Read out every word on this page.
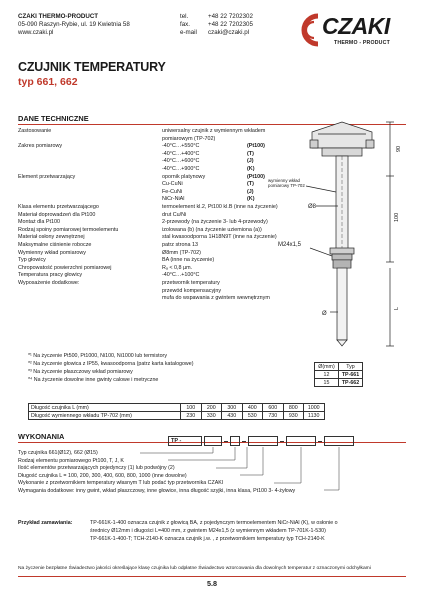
CZAKI THERMO-PRODUCT
05-090 Raszyn-Rybie, ul. 19 Kwietnia 58
www.czaki.pl
tel.	+48 22 7202302
fax.	+48 22 7202305
e-mail	czaki@czaki.pl	CZAKI
THERMO - PRODUCT
CZUJNIK TEMPERATURY
typ 661, 662
DANE TECHNICZNE
Zastosowanie	uniwersalny czujnik z wymiennym wkładem
pomiarowym (TP-702)
Zakres pomiarowy	-40°C…+550°C	(Pt100)
-40°C…+400°C	(T)
-40°C…+600°C	(J)
-40°C…+900°C	(K)
Element przetwarzający	opornik platynowy	(Pt100)
Cu-CuNi	(T)
Fe-CuNi	(J)
NiCr-NiAl	(K)
Klasa elementu przetwarzającego	termoelement kl.2, Pt100 kl.B (inne na życzenie)
Materiał doprowadzeń dla Pt100	drut Cu/Ni
Montaż dla Pt100	2-przewody (na życzenie 3- lub 4-przewody)
Rodzaj spoiny pomiarowej termoelementu	izolowana (b) (na życzenie uziemiona (a))
Materiał osłony zewnętrznej	stal kwasoodporna 1H18N9T (inne na życzenie)
Maksymalne ciśnienie robocze	patrz strona 13
Wymienny wkład pomiarowy	Ø8mm (TP-702)
Typ głowicy	BA (inne na życzenie)
Chropowatość powierzchni pomiarowej	Rₐ < 0,8 µm.
Temperatura pracy głowicy	-40°C…+100°C
Wyposażenie dodatkowe:	przetwornik temperatury
przewód kompensacyjny
mufa do wspawania z gwintem wewnętrznym
wymienny wkład
pomiarowy TP-702
Ø8
M24x1,5
90
100
L
Ø
*¹ Na życzenie Pt500, Pt1000, Ni100, Ni1000 lub termistory
*² Na życzenie głowica z IP55, kwasoodporna (patrz karta katalogowe)
*³ Na życzenie płaszczowy wkład pomiarowy
*⁴ Na życzenie dowolne inne gwinty calowe i metryczne
Ø(mm)	Typ
12	TP-661
15	TP-662
Długość czujnika L (mm)	100	200	300	400	600	800	1000
Długość wymiennego wkładu TP-702 (mm)	230	330	430	530	730	930	1130
WYKONANIA	TP -
Typ czujnika 661(Ø12), 662 (Ø15)
Rodzaj elementu pomiarowego Pt100, T, J, K
Ilość elementów przetwarzających pojedynczy (1) lub podwójny (2)
Długość czujnika L = 100, 200, 300, 400, 600, 800, 1000 (inne dowolne)
Wykonanie z przetwornikiem temperatury własnym T lub podać typ przetwornika CZAKI
Wymagania dodatkowe: inny gwint, wkład płaszczowy, inne głowice, inna długość szyjki, inna klasa, Pt100 3- 4-żyłowy
Przykład zamawiania:	TP-661K-1-400 oznacza czujnik z głowicą BA, z pojedynczym termoelementem NiCr-NiAl (K), w osłonie o
średnicy Ø12mm i długości L=400 mm, z gwintem M24x1,5 (z wymiennym wkładem TP-701K-1-530)
TP-661K-1-400-T; TCH-2140-K oznacza czujnik j.w. , z przetwornikiem temperatury typ TCH-2140-K
Na życzenie bezpłatne Świadectwo jakości określające klasę czujnika lub odpłatne Świadectwo wzorcowania dla dowolnych temperatur z oznaczonymi odchyłkami
5.8
